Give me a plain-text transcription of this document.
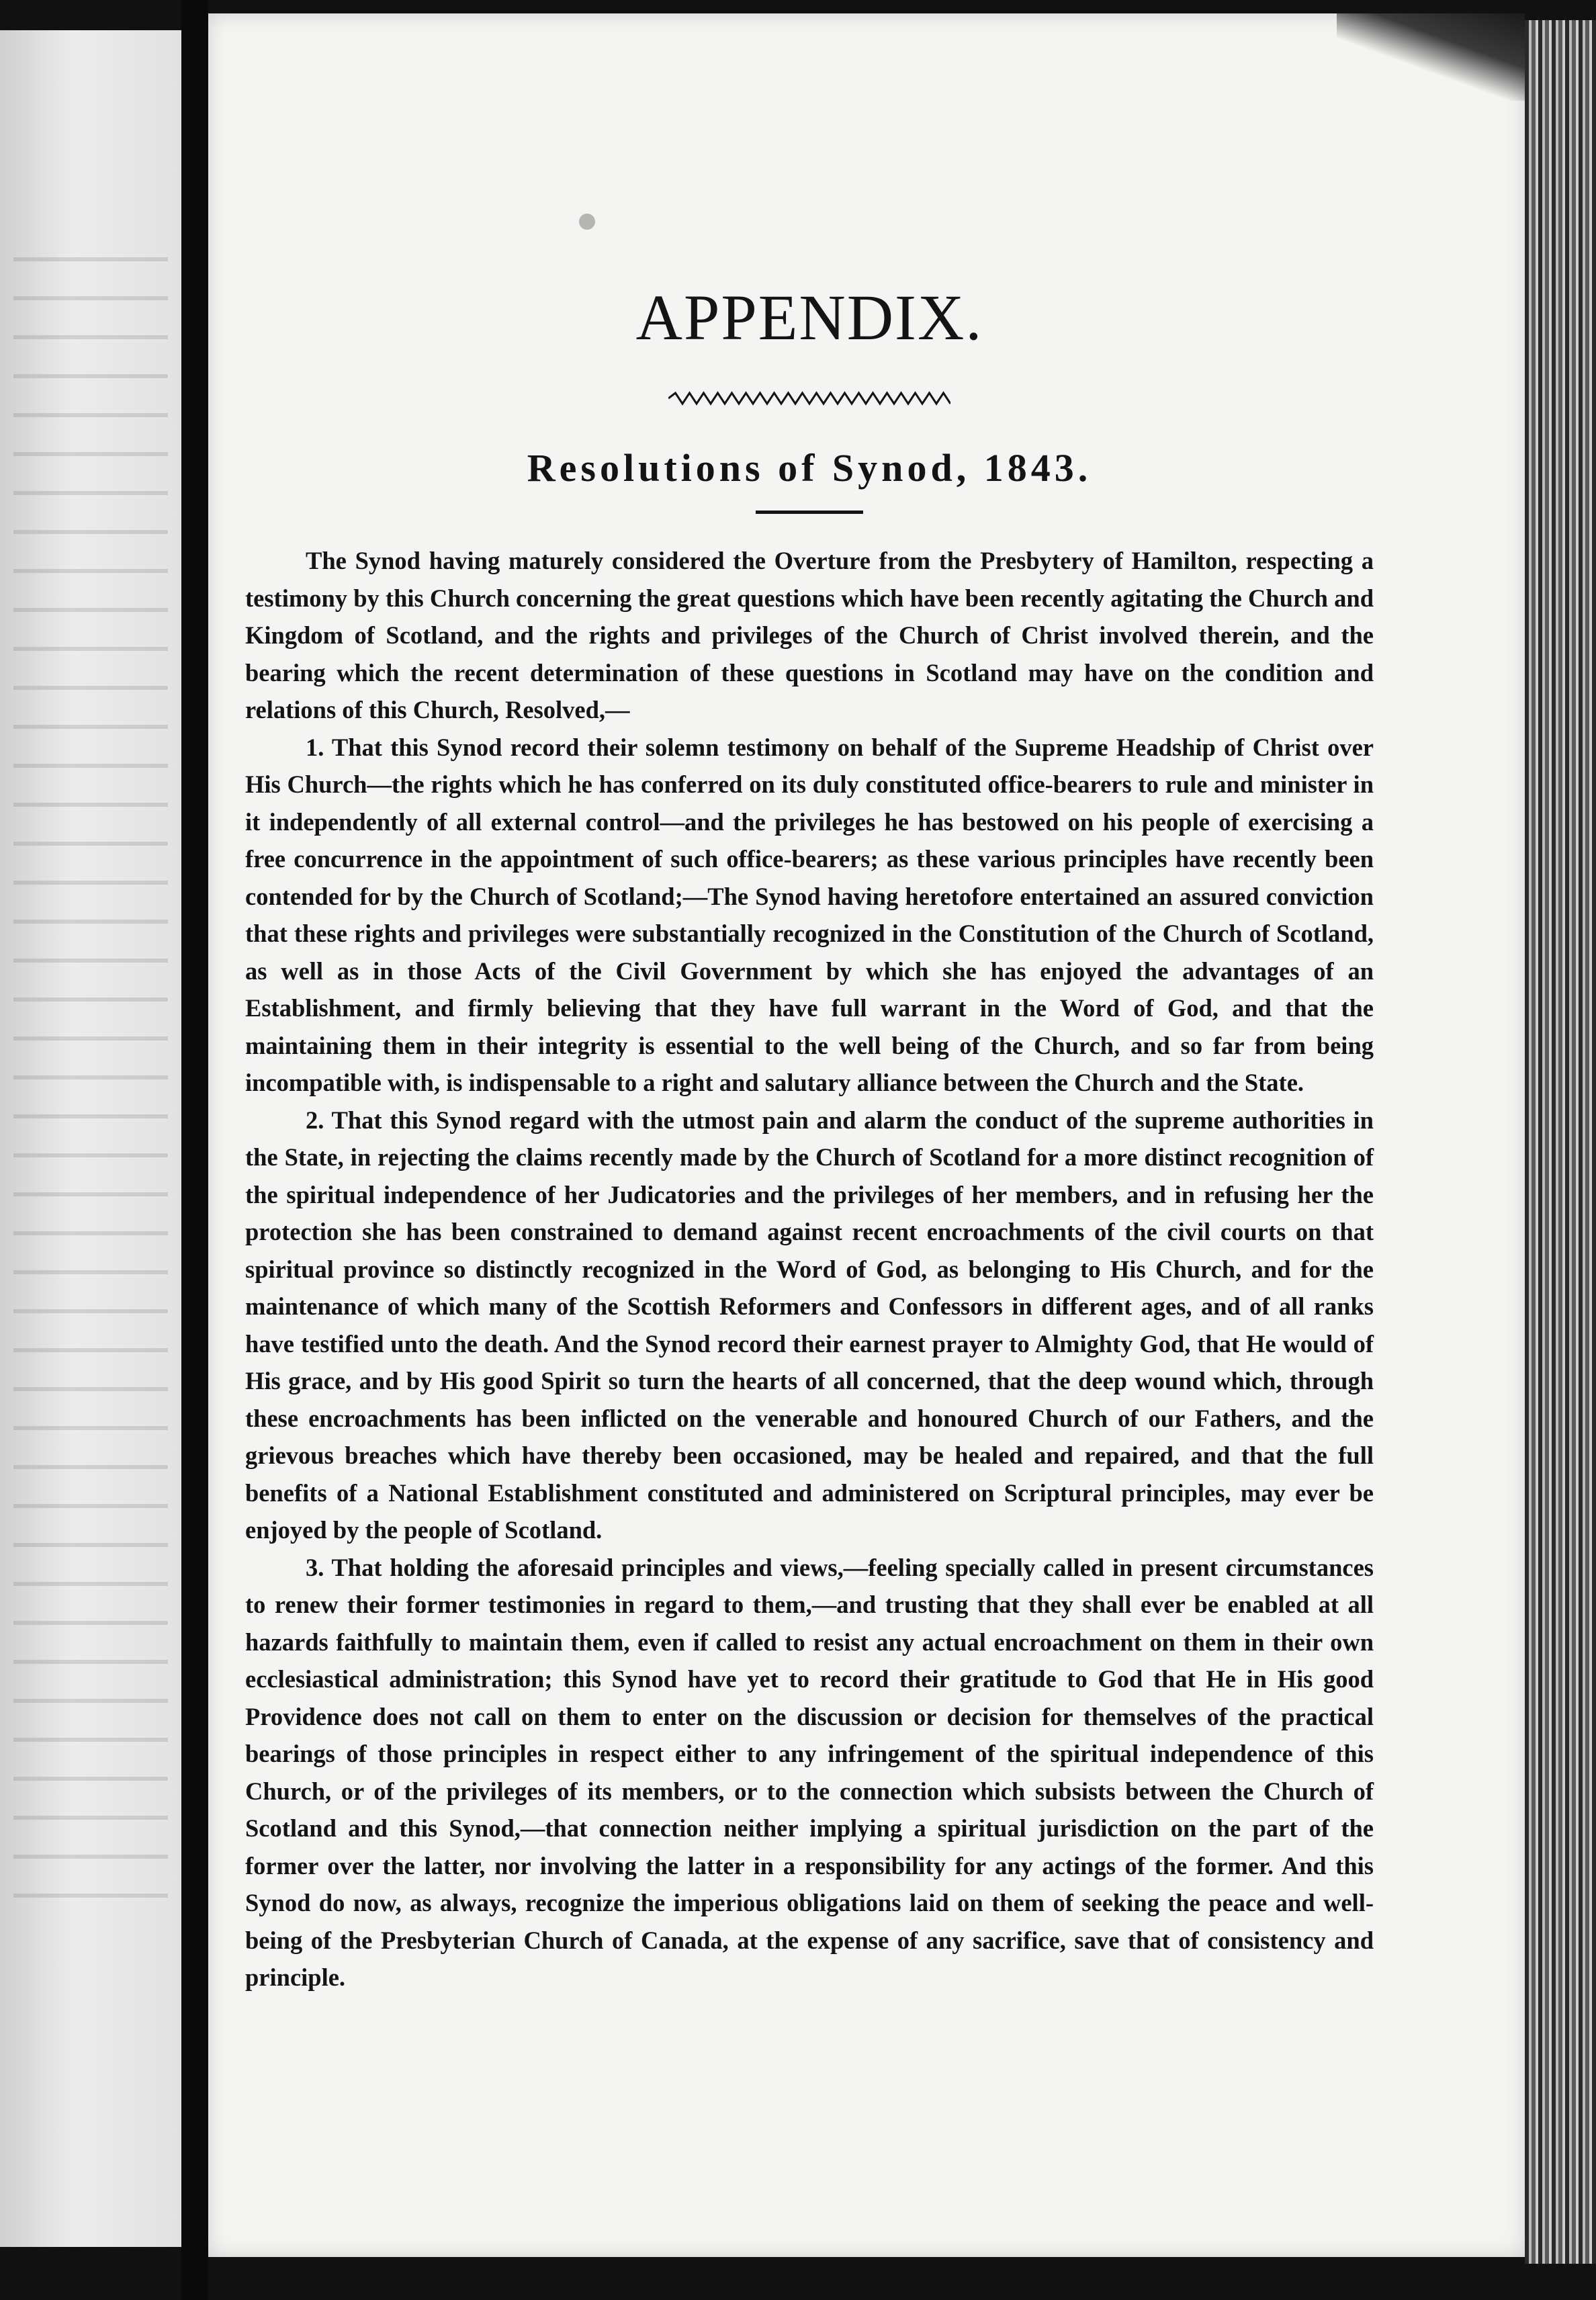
APPENDIX.
Resolutions of Synod, 1843.

The Synod having maturely considered the Overture from the Presbytery of Hamilton, respecting a testimony by this Church concerning the great questions which have been recently agitating the Church and Kingdom of Scotland, and the rights and privileges of the Church of Christ involved therein, and the bearing which the recent determination of these questions in Scotland may have on the condition and relations of this Church, Resolved,—

1. That this Synod record their solemn testimony on behalf of the Supreme Headship of Christ over His Church—the rights which he has conferred on its duly constituted office-bearers to rule and minister in it independently of all external control—and the privileges he has bestowed on his people of exercising a free concurrence in the appointment of such office-bearers; as these various principles have recently been contended for by the Church of Scotland;—The Synod having heretofore entertained an assured conviction that these rights and privileges were substantially recognized in the Constitution of the Church of Scotland, as well as in those Acts of the Civil Government by which she has enjoyed the advantages of an Establishment, and firmly believing that they have full warrant in the Word of God, and that the maintaining them in their integrity is essential to the well being of the Church, and so far from being incompatible with, is indispensable to a right and salutary alliance between the Church and the State.

2. That this Synod regard with the utmost pain and alarm the conduct of the supreme authorities in the State, in rejecting the claims recently made by the Church of Scotland for a more distinct recognition of the spiritual independence of her Judicatories and the privileges of her members, and in refusing her the protection she has been constrained to demand against recent encroachments of the civil courts on that spiritual province so distinctly recognized in the Word of God, as belonging to His Church, and for the maintenance of which many of the Scottish Reformers and Confessors in different ages, and of all ranks have testified unto the death. And the Synod record their earnest prayer to Almighty God, that He would of His grace, and by His good Spirit so turn the hearts of all concerned, that the deep wound which, through these encroachments has been inflicted on the venerable and honoured Church of our Fathers, and the grievous breaches which have thereby been occasioned, may be healed and repaired, and that the full benefits of a National Establishment constituted and administered on Scriptural principles, may ever be enjoyed by the people of Scotland.

3. That holding the aforesaid principles and views,—feeling specially called in present circumstances to renew their former testimonies in regard to them,—and trusting that they shall ever be enabled at all hazards faithfully to maintain them, even if called to resist any actual encroachment on them in their own ecclesiastical administration; this Synod have yet to record their gratitude to God that He in His good Providence does not call on them to enter on the discussion or decision for themselves of the practical bearings of those principles in respect either to any infringement of the spiritual independence of this Church, or of the privileges of its members, or to the connection which subsists between the Church of Scotland and this Synod,—that connection neither implying a spiritual jurisdiction on the part of the former over the latter, nor involving the latter in a responsibility for any actings of the former. And this Synod do now, as always, recognize the imperious obligations laid on them of seeking the peace and well-being of the Presbyterian Church of Canada, at the expense of any sacrifice, save that of consistency and principle.
